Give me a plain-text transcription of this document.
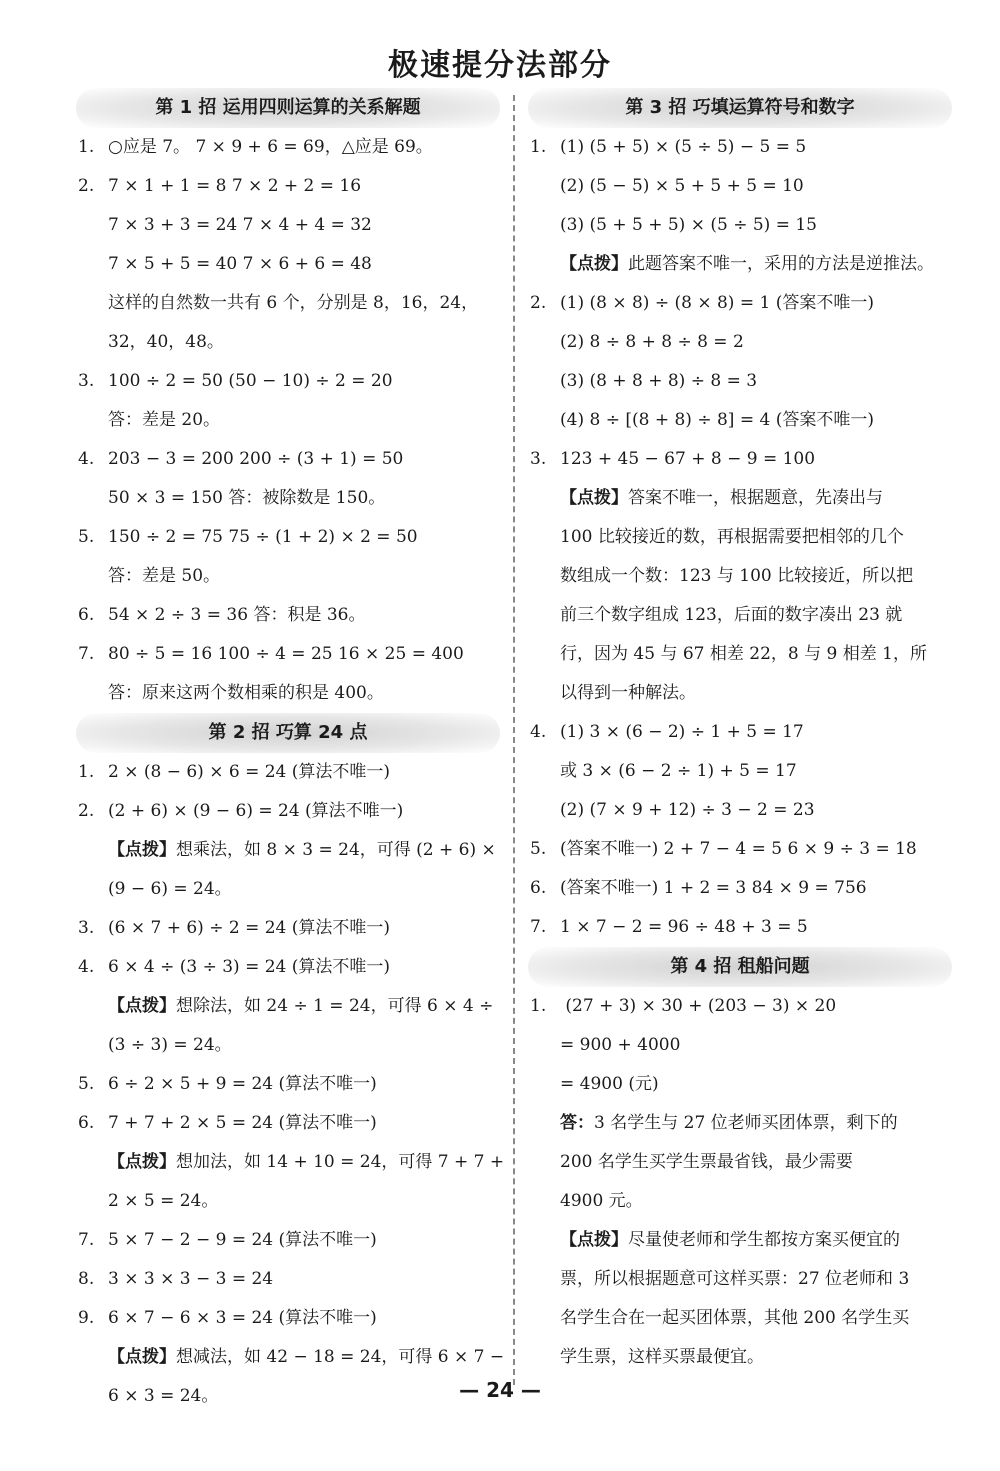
极速提分法部分
第 1 招 运用四则运算的关系解题
1. ○应是 7。 7 × 9 + 6 = 69，△应是 69。
2. 7 × 1 + 1 = 8 7 × 2 + 2 = 16
7 × 3 + 3 = 24 7 × 4 + 4 = 32
7 × 5 + 5 = 40 7 × 6 + 6 = 48
这样的自然数一共有 6 个，分别是 8，16，24，
32，40，48。
3. 100 ÷ 2 = 50 (50 − 10) ÷ 2 = 20
答：差是 20。
4. 203 − 3 = 200 200 ÷ (3 + 1) = 50
50 × 3 = 150 答：被除数是 150。
5. 150 ÷ 2 = 75 75 ÷ (1 + 2) × 2 = 50
答：差是 50。
6. 54 × 2 ÷ 3 = 36 答：积是 36。
7. 80 ÷ 5 = 16 100 ÷ 4 = 25 16 × 25 = 400
答：原来这两个数相乘的积是 400。
第 2 招 巧算 24 点
1. 2 × (8 − 6) × 6 = 24 (算法不唯一)
2. (2 + 6) × (9 − 6) = 24 (算法不唯一)
【点拨】想乘法，如 8 × 3 = 24，可得 (2 + 6) ×
(9 − 6) = 24。
3. (6 × 7 + 6) ÷ 2 = 24 (算法不唯一)
4. 6 × 4 ÷ (3 ÷ 3) = 24 (算法不唯一)
【点拨】想除法，如 24 ÷ 1 = 24，可得 6 × 4 ÷
(3 ÷ 3) = 24。
5. 6 ÷ 2 × 5 + 9 = 24 (算法不唯一)
6. 7 + 7 + 2 × 5 = 24 (算法不唯一)
【点拨】想加法，如 14 + 10 = 24，可得 7 + 7 +
2 × 5 = 24。
7. 5 × 7 − 2 − 9 = 24 (算法不唯一)
8. 3 × 3 × 3 − 3 = 24
9. 6 × 7 − 6 × 3 = 24 (算法不唯一)
【点拨】想减法，如 42 − 18 = 24，可得 6 × 7 −
6 × 3 = 24。
第 3 招 巧填运算符号和数字
1. (1) (5 + 5) × (5 ÷ 5) − 5 = 5
(2) (5 − 5) × 5 + 5 + 5 = 10
(3) (5 + 5 + 5) × (5 ÷ 5) = 15
【点拨】此题答案不唯一，采用的方法是逆推法。
2. (1) (8 × 8) ÷ (8 × 8) = 1 (答案不唯一)
(2) 8 ÷ 8 + 8 ÷ 8 = 2
(3) (8 + 8 + 8) ÷ 8 = 3
(4) 8 ÷ [(8 + 8) ÷ 8] = 4 (答案不唯一)
3. 123 + 45 − 67 + 8 − 9 = 100
【点拨】答案不唯一，根据题意，先凑出与
100 比较接近的数，再根据需要把相邻的几个
数组成一个数：123 与 100 比较接近，所以把
前三个数字组成 123，后面的数字凑出 23 就
行，因为 45 与 67 相差 22，8 与 9 相差 1，所
以得到一种解法。
4. (1) 3 × (6 − 2) ÷ 1 + 5 = 17
或 3 × (6 − 2 ÷ 1) + 5 = 17
(2) (7 × 9 + 12) ÷ 3 − 2 = 23
5. (答案不唯一) 2 + 7 − 4 = 5 6 × 9 ÷ 3 = 18
6. (答案不唯一) 1 + 2 = 3 84 × 9 = 756
7. 1 × 7 − 2 = 96 ÷ 48 + 3 = 5
第 4 招 租船问题
1. (27 + 3) × 30 + (203 − 3) × 20
= 900 + 4000
= 4900 (元)
答：3 名学生与 27 位老师买团体票，剩下的
200 名学生买学生票最省钱，最少需要
4900 元。
【点拨】尽量使老师和学生都按方案买便宜的
票，所以根据题意可这样买票：27 位老师和 3
名学生合在一起买团体票，其他 200 名学生买
学生票，这样买票最便宜。
— 24 —
